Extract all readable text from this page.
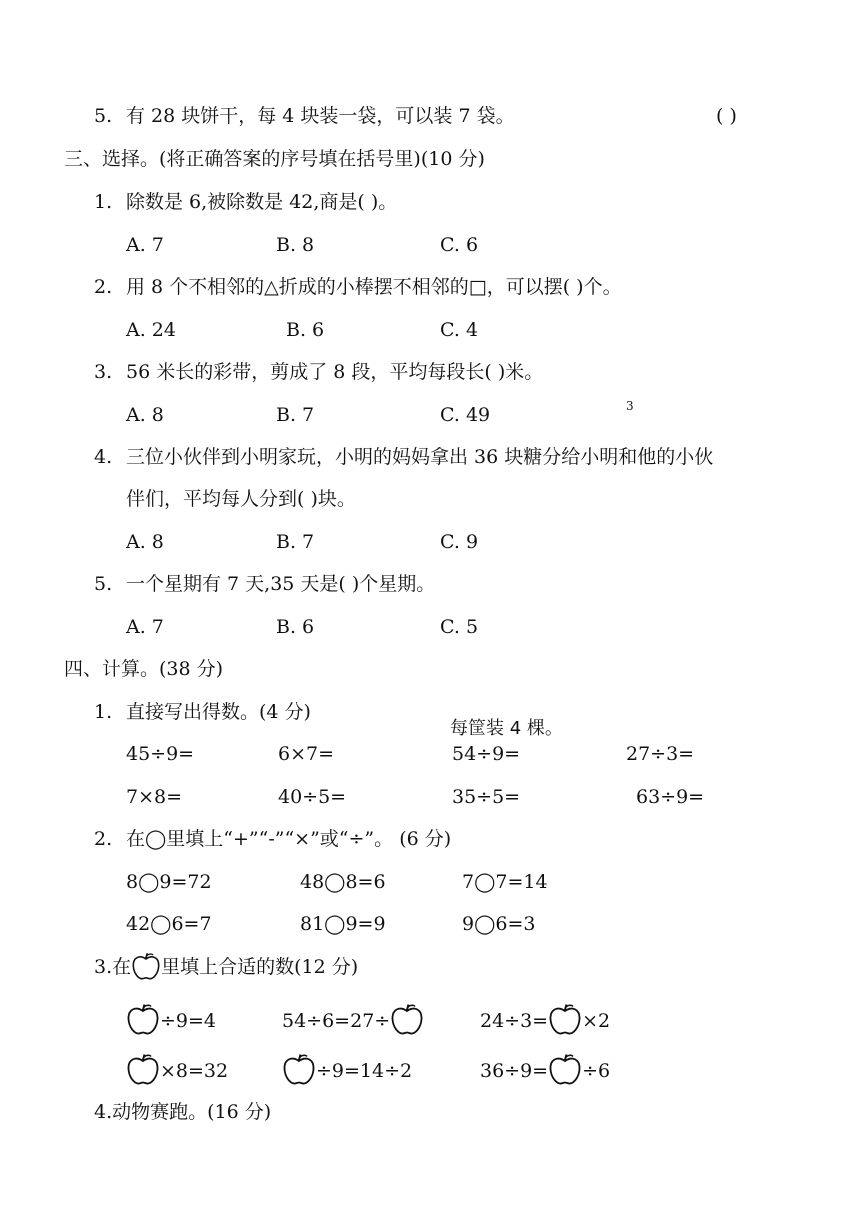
5. 有 28 块饼干，每 4 块装一袋，可以装 7 袋。	( )
三、选择。(将正确答案的序号填在括号里)(10 分)
1. 除数是 6,被除数是 42,商是( )。
A. 7	B. 8	C. 6
2. 用 8 个不相邻的△折成的小棒摆不相邻的□，可以摆( )个。
A. 24	B. 6	C. 4
3. 56 米长的彩带，剪成了 8 段，平均每段长( )米。
A. 8	B. 7	C. 49	3
4. 三位小伙伴到小明家玩，小明的妈妈拿出 36 块糖分给小明和他的小伙
伴们，平均每人分到( )块。
A. 8	B. 7	C. 9
5. 一个星期有 7 天,35 天是( )个星期。
A. 7	B. 6	C. 5
四、计算。(38 分)
1. 直接写出得数。(4 分)
每筐装 4 棵。
45÷9=	6×7=	54÷9=	27÷3=
7×8=	40÷5=	35÷5=	63÷9=
2. 在◯里填上“+”“-”“×”或“÷”。 (6 分)
8◯9=72	48◯8=6	7◯7=14
42◯6=7	81◯9=9	9◯6=3
3.在 里填上合适的数(12 分)
÷9=4	54÷6=27÷	24÷3= ×2
×8=32	÷9=14÷2	36÷9= ÷6
4.动物赛跑。(16 分)
